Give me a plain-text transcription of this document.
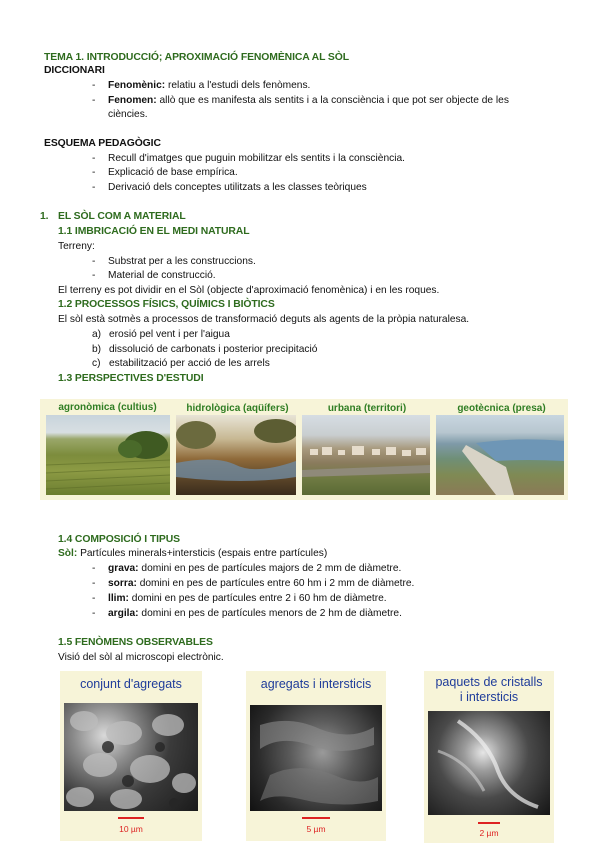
TEMA 1. INTRODUCCIÓ; APROXIMACIÓ FENOMÈNICA AL SÒL
DICCIONARI
- Fenomènic: relatiu a l'estudi dels fenòmens.
- Fenomen: allò que es manifesta als sentits i a la consciència i que pot ser objecte de les
ciències.
ESQUEMA PEDAGÒGIC
- Recull d'imatges que puguin mobilitzar els sentits i la consciència.
- Explicació de base empírica.
- Derivació dels conceptes utilitzats a les classes teòriques
1. EL SÒL COM A MATERIAL
1.1 IMBRICACIÓ EN EL MEDI NATURAL
Terreny:
- Substrat per a les construccions.
- Material de construcció.
El terreny es pot dividir en el Sòl (objecte d'aproximació fenomènica) i en les roques.
1.2 PROCESSOS FÍSICS, QUÍMICS I BIÒTICS
El sòl està sotmès a processos de transformació deguts als agents de la pròpia naturalesa.
a) erosió pel vent i per l'aigua
b) dissolució de carbonats i posterior precipitació
c) estabilització per acció de les arrels
1.3 PERSPECTIVES D'ESTUDI
agronòmica (cultius)	hidrològica (aqüífers)	urbana (territori)	geotècnica (presa)
1.4 COMPOSICIÓ I TIPUS
Sòl: Partícules minerals+intersticis (espais entre partícules)
- grava: domini en pes de partícules majors de 2 mm de diàmetre.
- sorra: domini en pes de partícules entre 60 hm i 2 mm de diàmetre.
- llim: domini en pes de partícules entre 2 i 60 hm de diàmetre.
- argila: domini en pes de partícules menors de 2 hm de diàmetre.
1.5 FENÒMENS OBSERVABLES
Visió del sòl al microscopi electrònic.
conjunt d'agregats
10 µm
agregats i intersticis
5 µm
paquets de cristalls
i intersticis
2 µm
